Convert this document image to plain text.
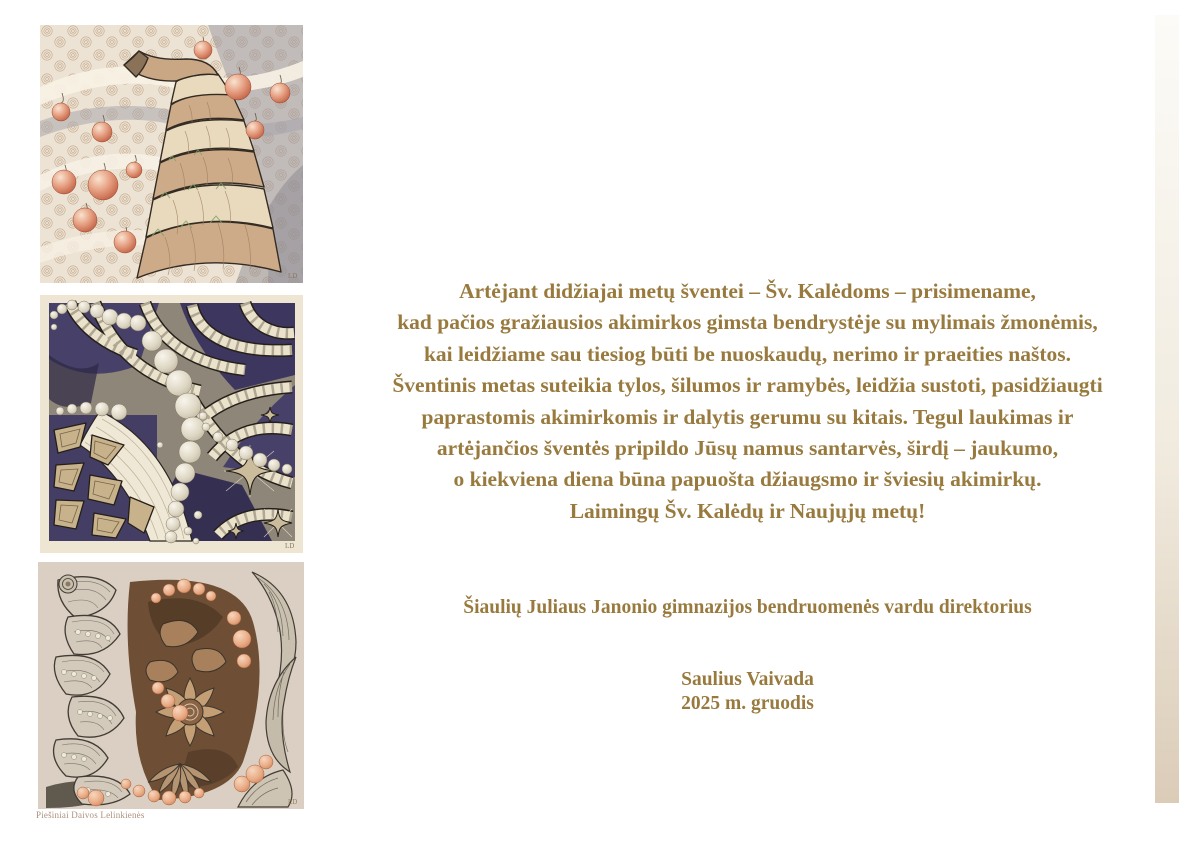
LD
LD
LD
Piešiniai Daivos Lelinkienės
Artėjant didžiajai metų šventei – Šv. Kalėdoms – prisimename,
kad pačios gražiausios akimirkos gimsta bendrystėje su mylimais žmonėmis,
kai leidžiame sau tiesiog būti be nuoskaudų, nerimo ir praeities naštos.
Šventinis metas suteikia tylos, šilumos ir ramybės, leidžia sustoti, pasidžiaugti
paprastomis akimirkomis ir dalytis gerumu su kitais. Tegul laukimas ir
artėjančios šventės pripildo Jūsų namus santarvės, širdį – jaukumo,
o kiekviena diena būna papuošta džiaugsmo ir šviesių akimirkų.
Laimingų Šv. Kalėdų ir Naujųjų metų!
Šiaulių Juliaus Janonio gimnazijos bendruomenės vardu direktorius
Saulius Vaivada
2025 m. gruodis
